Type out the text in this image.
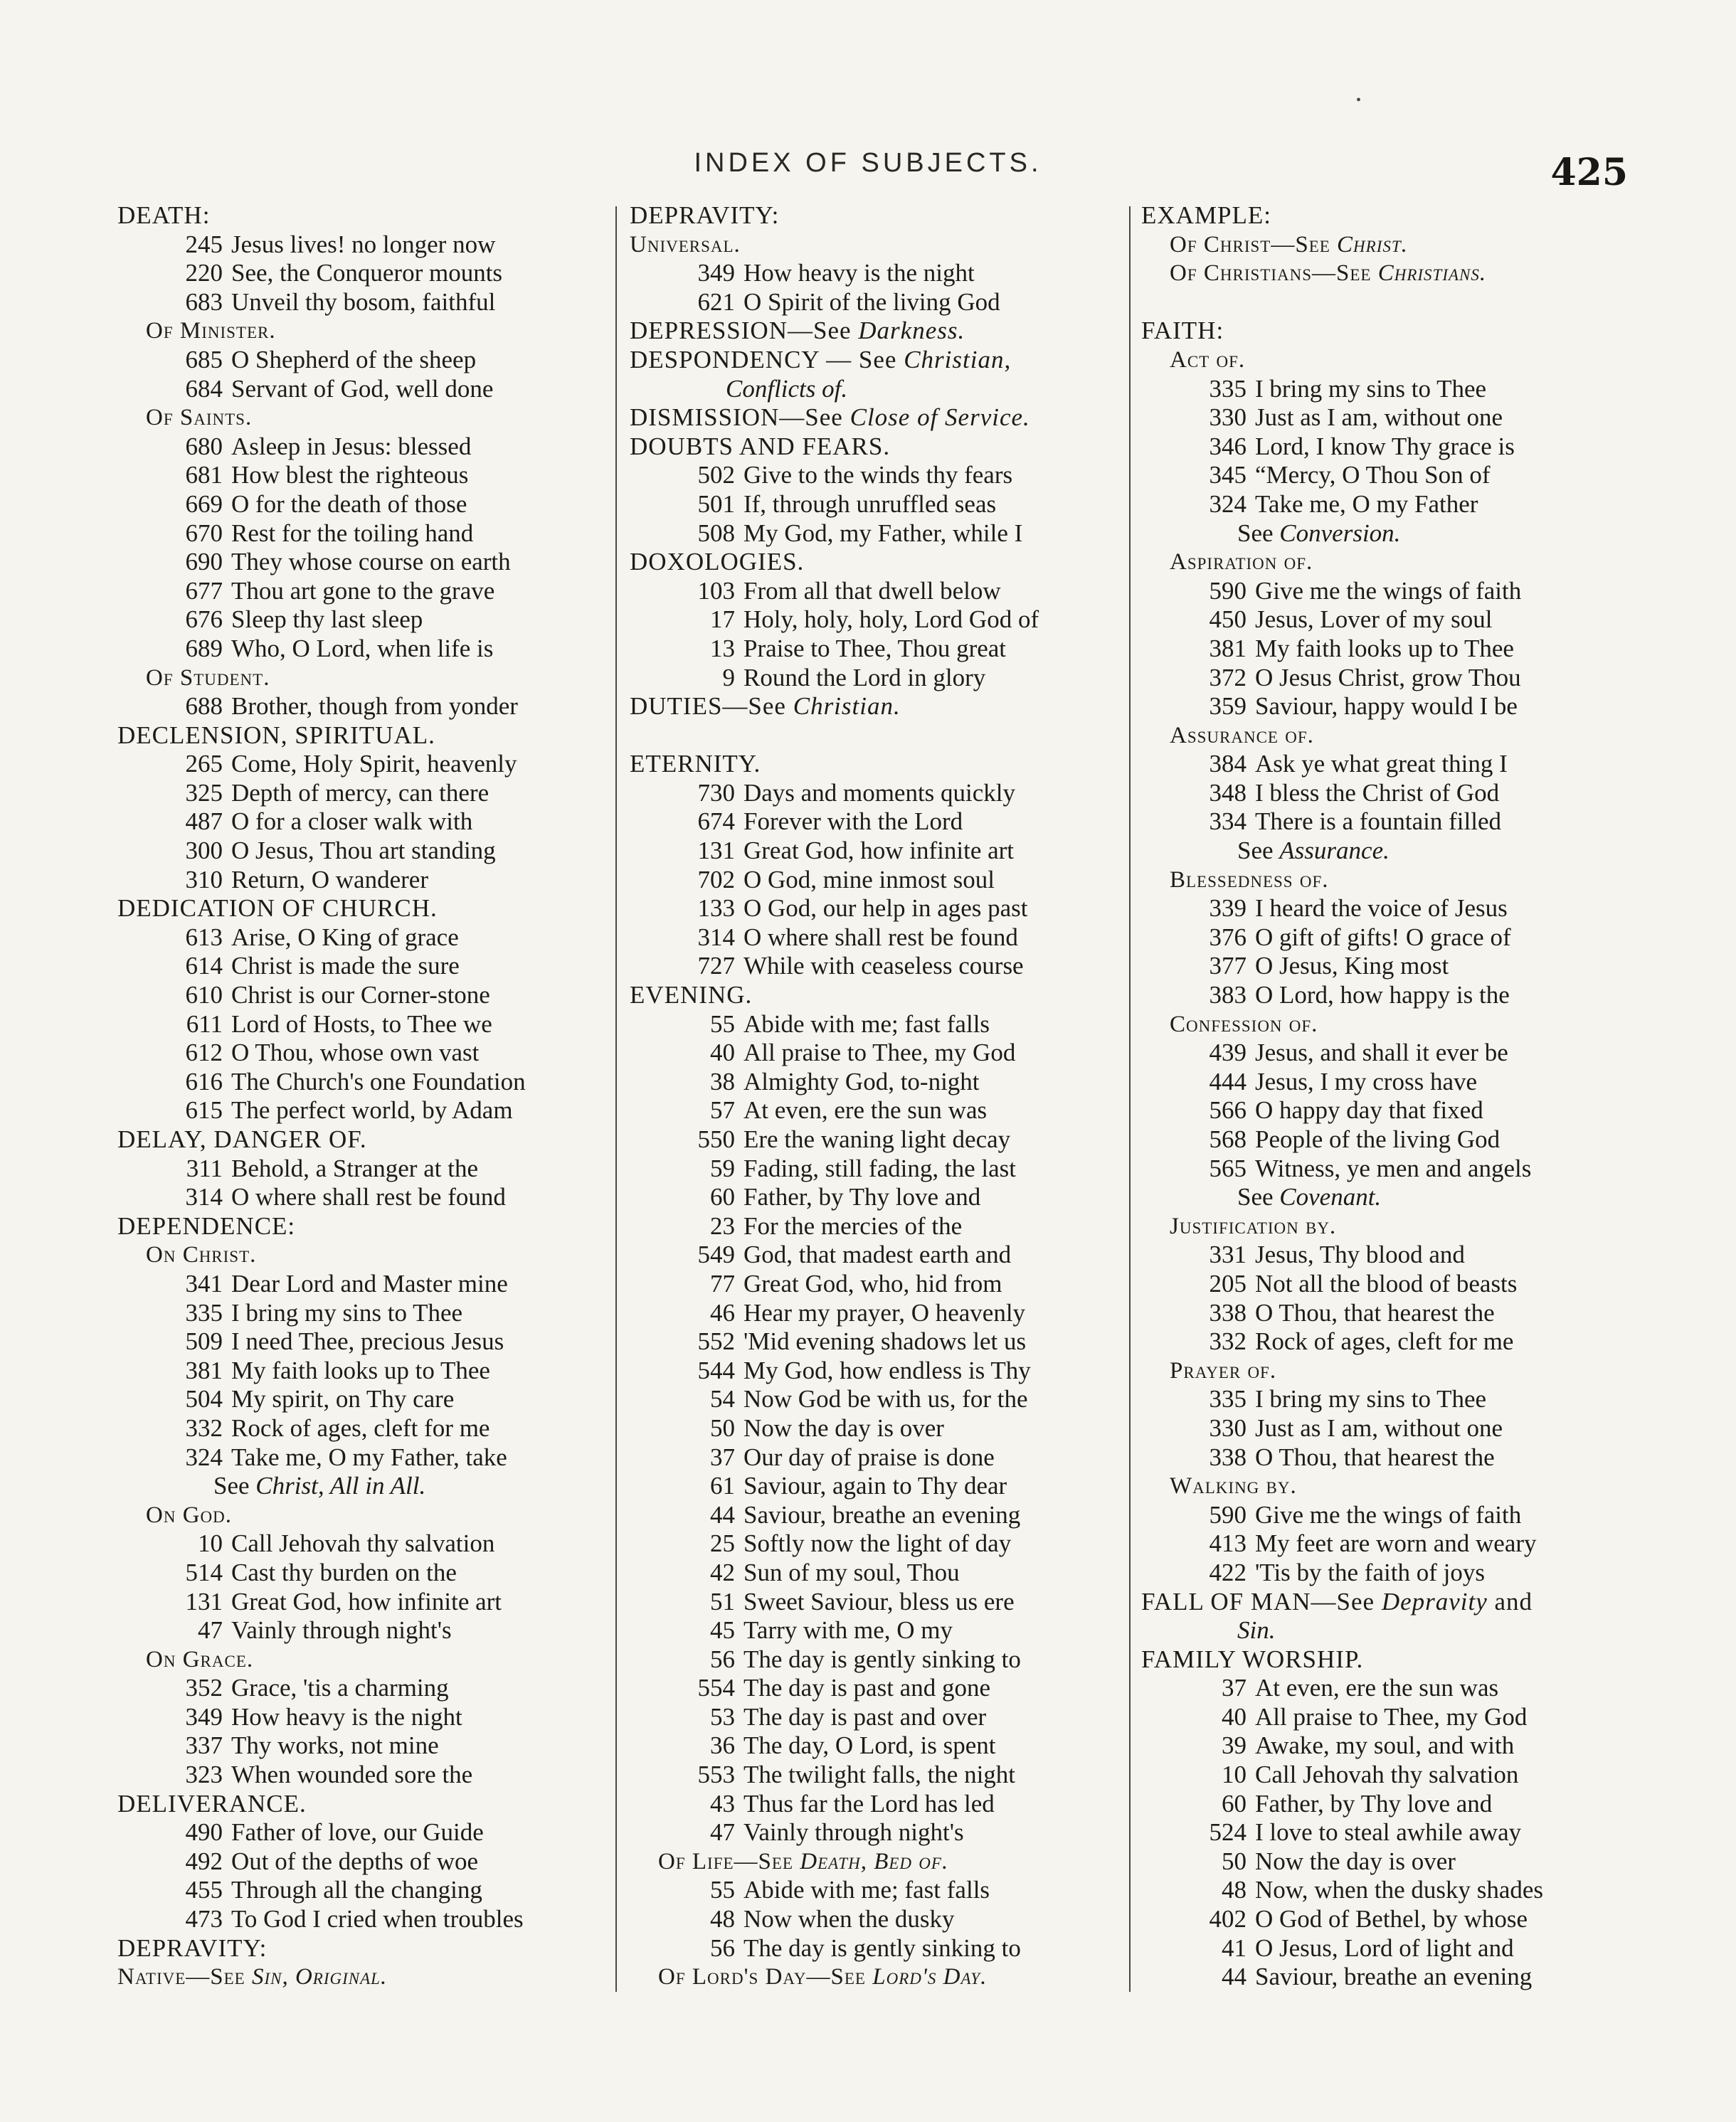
•
INDEX OF SUBJECTS.	425
DEATH:
245 Jesus lives! no longer now
220 See, the Conqueror mounts
683 Unveil thy bosom, faithful
Of Minister.
685 O Shepherd of the sheep
684 Servant of God, well done
Of Saints.
680 Asleep in Jesus: blessed
681 How blest the righteous
669 O for the death of those
670 Rest for the toiling hand
690 They whose course on earth
677 Thou art gone to the grave
676 Sleep thy last sleep
689 Who, O Lord, when life is
Of Student.
688 Brother, though from yonder
DECLENSION, SPIRITUAL.
265 Come, Holy Spirit, heavenly
325 Depth of mercy, can there
487 O for a closer walk with
300 O Jesus, Thou art standing
310 Return, O wanderer
DEDICATION OF CHURCH.
613 Arise, O King of grace
614 Christ is made the sure
610 Christ is our Corner-stone
611 Lord of Hosts, to Thee we
612 O Thou, whose own vast
616 The Church's one Foundation
615 The perfect world, by Adam
DELAY, DANGER OF.
311 Behold, a Stranger at the
314 O where shall rest be found
DEPENDENCE:
On Christ.
341 Dear Lord and Master mine
335 I bring my sins to Thee
509 I need Thee, precious Jesus
381 My faith looks up to Thee
504 My spirit, on Thy care
332 Rock of ages, cleft for me
324 Take me, O my Father, take
See Christ, All in All.
On God.
10 Call Jehovah thy salvation
514 Cast thy burden on the
131 Great God, how infinite art
47 Vainly through night's
On Grace.
352 Grace, 'tis a charming
349 How heavy is the night
337 Thy works, not mine
323 When wounded sore the
DELIVERANCE.
490 Father of love, our Guide
492 Out of the depths of woe
455 Through all the changing
473 To God I cried when troubles
DEPRAVITY:
Native—See Sin, Original.
DEPRAVITY:
Universal.
349 How heavy is the night
621 O Spirit of the living God
DEPRESSION—See Darkness.
DESPONDENCY — See Christian,
Conflicts of.
DISMISSION—See Close of Service.
DOUBTS AND FEARS.
502 Give to the winds thy fears
501 If, through unruffled seas
508 My God, my Father, while I
DOXOLOGIES.
103 From all that dwell below
17 Holy, holy, holy, Lord God of
13 Praise to Thee, Thou great
9 Round the Lord in glory
DUTIES—See Christian.
ETERNITY.
730 Days and moments quickly
674 Forever with the Lord
131 Great God, how infinite art
702 O God, mine inmost soul
133 O God, our help in ages past
314 O where shall rest be found
727 While with ceaseless course
EVENING.
55 Abide with me; fast falls
40 All praise to Thee, my God
38 Almighty God, to-night
57 At even, ere the sun was
550 Ere the waning light decay
59 Fading, still fading, the last
60 Father, by Thy love and
23 For the mercies of the
549 God, that madest earth and
77 Great God, who, hid from
46 Hear my prayer, O heavenly
552 'Mid evening shadows let us
544 My God, how endless is Thy
54 Now God be with us, for the
50 Now the day is over
37 Our day of praise is done
61 Saviour, again to Thy dear
44 Saviour, breathe an evening
25 Softly now the light of day
42 Sun of my soul, Thou
51 Sweet Saviour, bless us ere
45 Tarry with me, O my
56 The day is gently sinking to
554 The day is past and gone
53 The day is past and over
36 The day, O Lord, is spent
553 The twilight falls, the night
43 Thus far the Lord has led
47 Vainly through night's
Of Life—See Death, Bed of.
55 Abide with me; fast falls
48 Now when the dusky
56 The day is gently sinking to
Of Lord's Day—See Lord's Day.
EXAMPLE:
Of Christ—See Christ.
Of Christians—See Christians.
FAITH:
Act of.
335 I bring my sins to Thee
330 Just as I am, without one
346 Lord, I know Thy grace is
345 “Mercy, O Thou Son of
324 Take me, O my Father
See Conversion.
Aspiration of.
590 Give me the wings of faith
450 Jesus, Lover of my soul
381 My faith looks up to Thee
372 O Jesus Christ, grow Thou
359 Saviour, happy would I be
Assurance of.
384 Ask ye what great thing I
348 I bless the Christ of God
334 There is a fountain filled
See Assurance.
Blessedness of.
339 I heard the voice of Jesus
376 O gift of gifts! O grace of
377 O Jesus, King most
383 O Lord, how happy is the
Confession of.
439 Jesus, and shall it ever be
444 Jesus, I my cross have
566 O happy day that fixed
568 People of the living God
565 Witness, ye men and angels
See Covenant.
Justification by.
331 Jesus, Thy blood and
205 Not all the blood of beasts
338 O Thou, that hearest the
332 Rock of ages, cleft for me
Prayer of.
335 I bring my sins to Thee
330 Just as I am, without one
338 O Thou, that hearest the
Walking by.
590 Give me the wings of faith
413 My feet are worn and weary
422 'Tis by the faith of joys
FALL OF MAN—See Depravity and
Sin.
FAMILY WORSHIP.
37 At even, ere the sun was
40 All praise to Thee, my God
39 Awake, my soul, and with
10 Call Jehovah thy salvation
60 Father, by Thy love and
524 I love to steal awhile away
50 Now the day is over
48 Now, when the dusky shades
402 O God of Bethel, by whose
41 O Jesus, Lord of light and
44 Saviour, breathe an evening
